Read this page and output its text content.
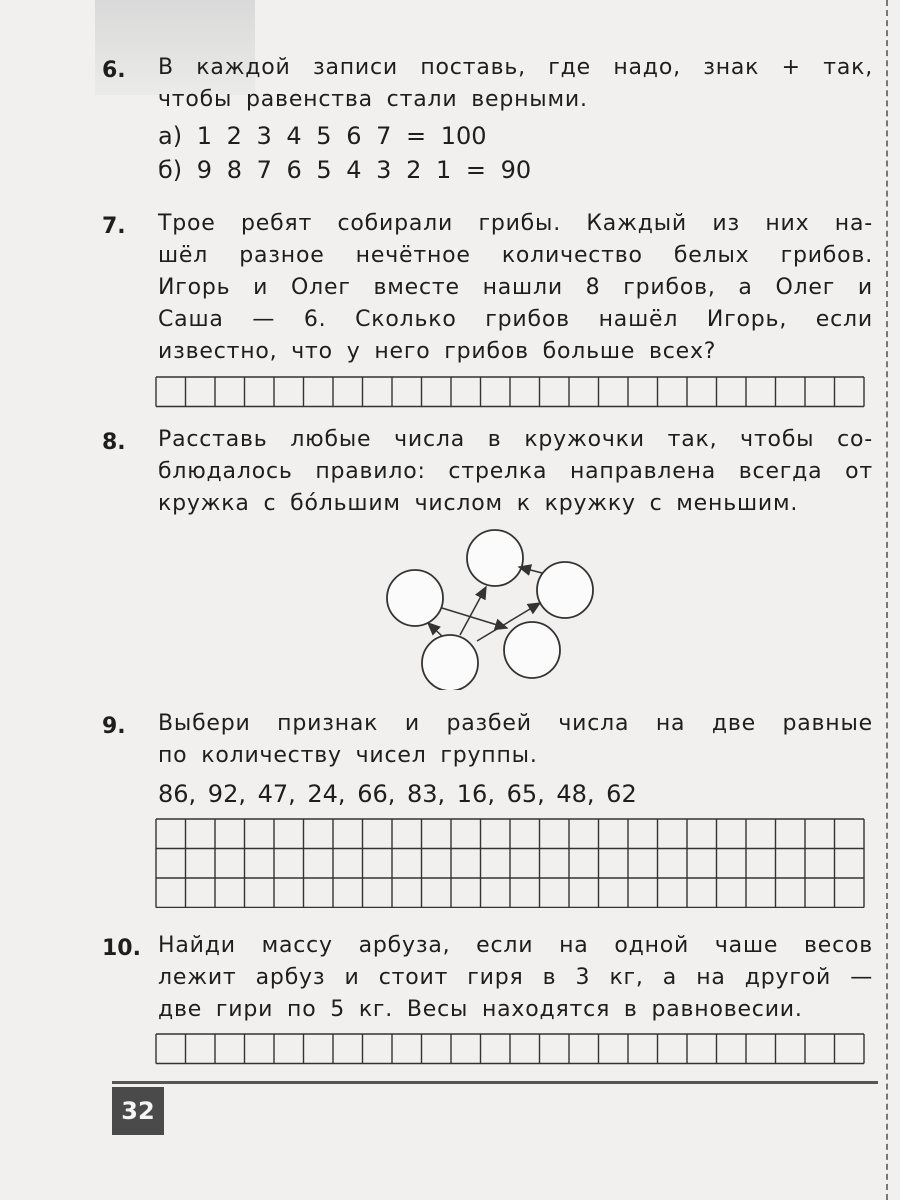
6. В каждой записи поставь, где надо, знак + так,
чтобы равенства стали верными.
а) 1 2 3 4 5 6 7 = 100
б) 9 8 7 6 5 4 3 2 1 = 90
7. Трое ребят собирали грибы. Каждый из них на-
шёл разное нечётное количество белых грибов.
Игорь и Олег вместе нашли 8 грибов, а Олег и
Саша — 6. Сколько грибов нашёл Игорь, если
известно, что у него грибов больше всех?
8. Расставь любые числа в кружочки так, чтобы со-
блюдалось правило: стрелка направлена всегда от
кружка с бо́льшим числом к кружку с меньшим.
9. Выбери признак и разбей числа на две равные
по количеству чисел группы.
86, 92, 47, 24, 66, 83, 16, 65, 48, 62
10. Найди массу арбуза, если на одной чаше весов
лежит арбуз и стоит гиря в 3 кг, а на другой —
две гири по 5 кг. Весы находятся в равновесии.
32
